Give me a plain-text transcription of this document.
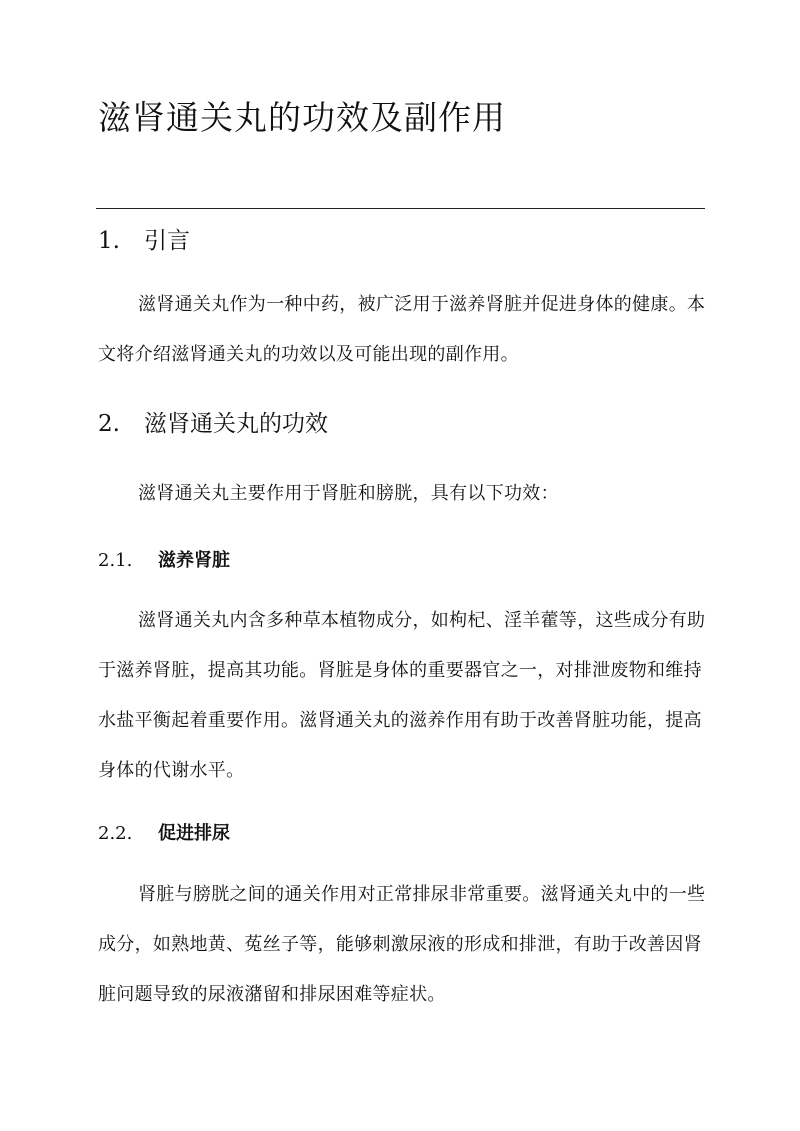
滋肾通关丸的功效及副作用
1. 引言

滋肾通关丸作为一种中药，被广泛用于滋养肾脏并促进身体的健康。本文将介绍滋肾通关丸的功效以及可能出现的副作用。

2. 滋肾通关丸的功效

滋肾通关丸主要作用于肾脏和膀胱，具有以下功效：

2.1. 滋养肾脏

滋肾通关丸内含多种草本植物成分，如枸杞、淫羊藿等，这些成分有助于滋养肾脏，提高其功能。肾脏是身体的重要器官之一，对排泄废物和维持水盐平衡起着重要作用。滋肾通关丸的滋养作用有助于改善肾脏功能，提高身体的代谢水平。

2.2. 促进排尿

肾脏与膀胱之间的通关作用对正常排尿非常重要。滋肾通关丸中的一些成分，如熟地黄、菟丝子等，能够刺激尿液的形成和排泄，有助于改善因肾脏问题导致的尿液潴留和排尿困难等症状。
